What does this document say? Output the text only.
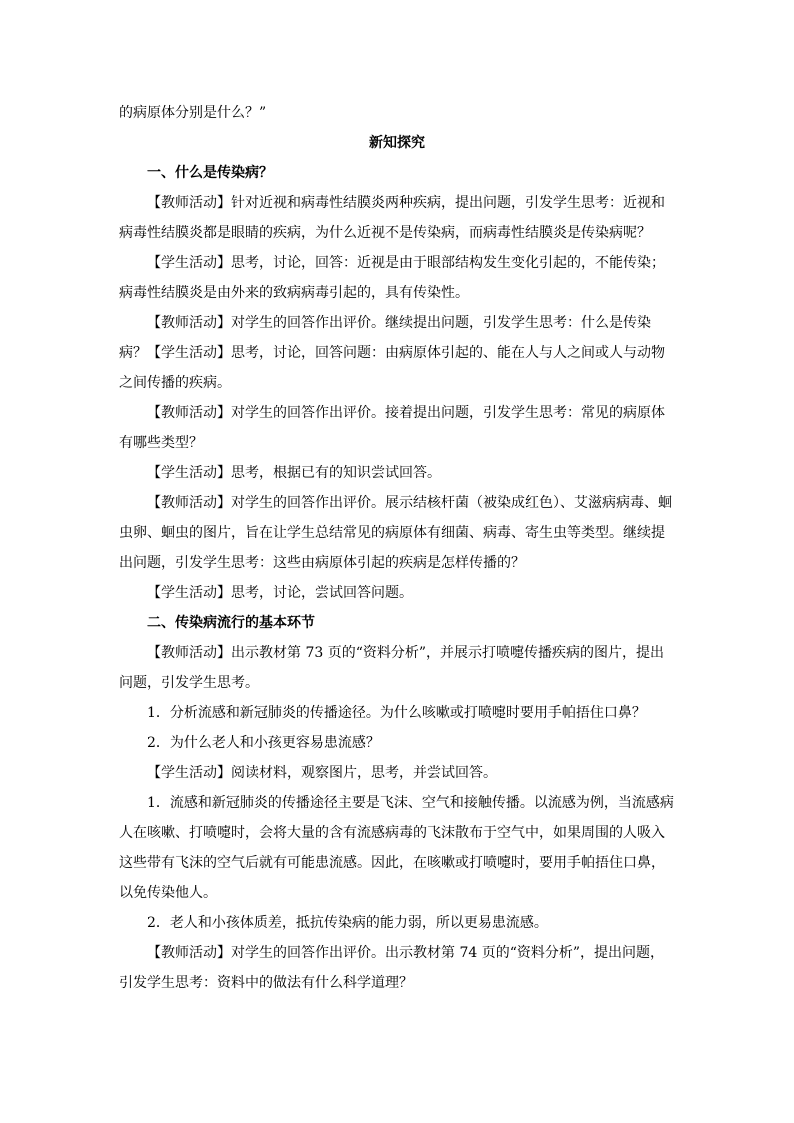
的病原体分别是什么？”

新知探究

一、什么是传染病？

【教师活动】针对近视和病毒性结膜炎两种疾病，提出问题，引发学生思考：近视和病毒性结膜炎都是眼睛的疾病，为什么近视不是传染病，而病毒性结膜炎是传染病呢？

【学生活动】思考，讨论，回答：近视是由于眼部结构发生变化引起的，不能传染；病毒性结膜炎是由外来的致病病毒引起的，具有传染性。

【教师活动】对学生的回答作出评价。继续提出问题，引发学生思考：什么是传染病？ 【学生活动】思考，讨论，回答问题：由病原体引起的、能在人与人之间或人与动物之间传播的疾病。

【教师活动】对学生的回答作出评价。接着提出问题，引发学生思考：常见的病原体有哪些类型？

【学生活动】思考，根据已有的知识尝试回答。

【教师活动】对学生的回答作出评价。展示结核杆菌（被染成红色）、艾滋病病毒、蛔虫卵、蛔虫的图片，旨在让学生总结常见的病原体有细菌、病毒、寄生虫等类型。继续提出问题，引发学生思考：这些由病原体引起的疾病是怎样传播的？

【学生活动】思考，讨论，尝试回答问题。

二、传染病流行的基本环节

【教师活动】出示教材第 73 页的“资料分析”，并展示打喷嚏传播疾病的图片，提出问题，引发学生思考。

1．分析流感和新冠肺炎的传播途径。为什么咳嗽或打喷嚏时要用手帕捂住口鼻？

2．为什么老人和小孩更容易患流感？

【学生活动】阅读材料，观察图片，思考，并尝试回答。

1．流感和新冠肺炎的传播途径主要是飞沫、空气和接触传播。以流感为例，当流感病人在咳嗽、打喷嚏时，会将大量的含有流感病毒的飞沫散布于空气中，如果周围的人吸入这些带有飞沫的空气后就有可能患流感。因此，在咳嗽或打喷嚏时，要用手帕捂住口鼻，以免传染他人。

2．老人和小孩体质差，抵抗传染病的能力弱，所以更易患流感。

【教师活动】对学生的回答作出评价。出示教材第 74 页的“资料分析”，提出问题，引发学生思考：资料中的做法有什么科学道理？
